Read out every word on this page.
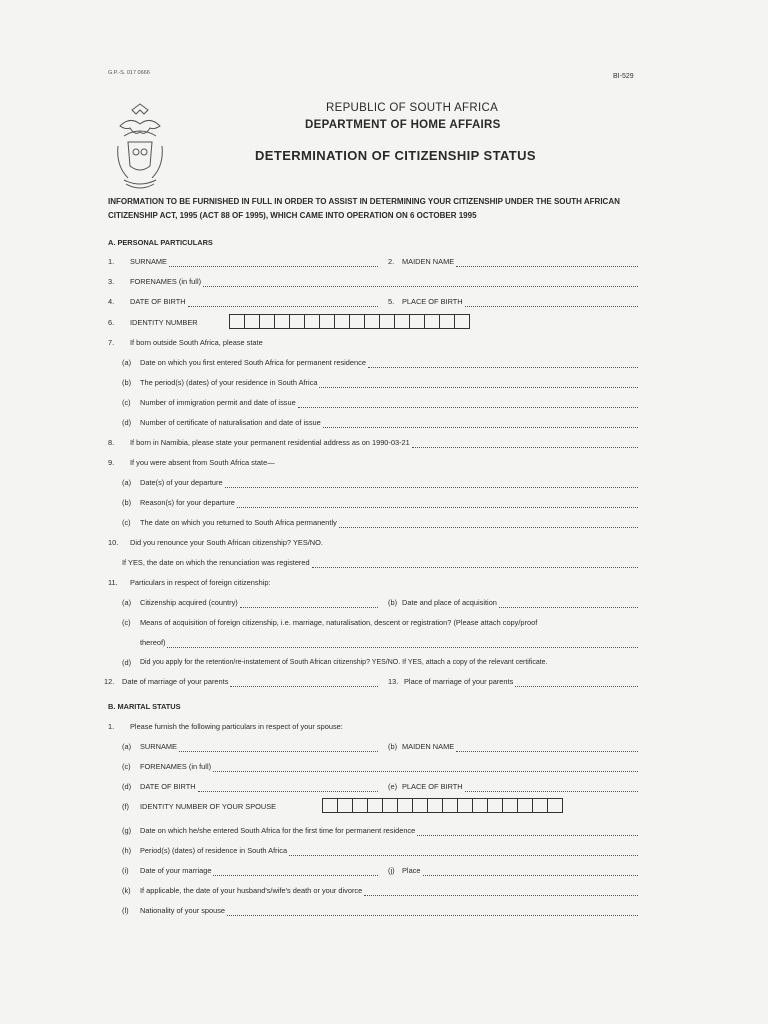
G.P.-S. 017 0666	BI-529
REPUBLIC OF SOUTH AFRICA
DEPARTMENT OF HOME AFFAIRS
DETERMINATION OF CITIZENSHIP STATUS
INFORMATION TO BE FURNISHED IN FULL IN ORDER TO ASSIST IN DETERMINING YOUR CITIZENSHIP UNDER THE SOUTH AFRICAN CITIZENSHIP ACT, 1995 (ACT 88 OF 1995), WHICH CAME INTO OPERATION ON 6 OCTOBER 1995
A. PERSONAL PARTICULARS
1.	SURNAME	2.	MAIDEN NAME
3.	FORENAMES (in full)
4.	DATE OF BIRTH	5.	PLACE OF BIRTH
6.	IDENTITY NUMBER
7.	If born outside South Africa, please state
(a)	Date on which you first entered South Africa for permanent residence
(b)	The period(s) (dates) of your residence in South Africa
(c)	Number of immigration permit and date of issue
(d)	Number of certificate of naturalisation and date of issue
8.	If born in Namibia, please state your permanent residential address as on 1990-03-21
9.	If you were absent from South Africa state—
(a)	Date(s) of your departure
(b)	Reason(s) for your departure
(c)	The date on which you returned to South Africa permanently
10.	Did you renounce your South African citizenship? YES/NO.
If YES, the date on which the renunciation was registered
11.	Particulars in respect of foreign citizenship:
(a)	Citizenship acquired (country)	(b) Date and place of acquisition
(c)	Means of acquisition of foreign citizenship, i.e. marriage, naturalisation, descent or registration? (Please attach copy/proof
thereof)
(d)	Did you apply for the retention/re-instatement of South African citizenship? YES/NO. If YES, attach a copy of the relevant certificate.
12.	Date of marriage of your parents	13. Place of marriage of your parents
B. MARITAL STATUS
1.	Please furnish the following particulars in respect of your spouse:
(a)	SURNAME	(b) MAIDEN NAME
(c)	FORENAMES (in full)
(d)	DATE OF BIRTH	(e) PLACE OF BIRTH
(f)	IDENTITY NUMBER OF YOUR SPOUSE
(g)	Date on which he/she entered South Africa for the first time for permanent residence
(h)	Period(s) (dates) of residence in South Africa
(i)	Date of your marriage	(j)	Place
(k)	If applicable, the date of your husband's/wife's death or your divorce
(l)	Nationality of your spouse
